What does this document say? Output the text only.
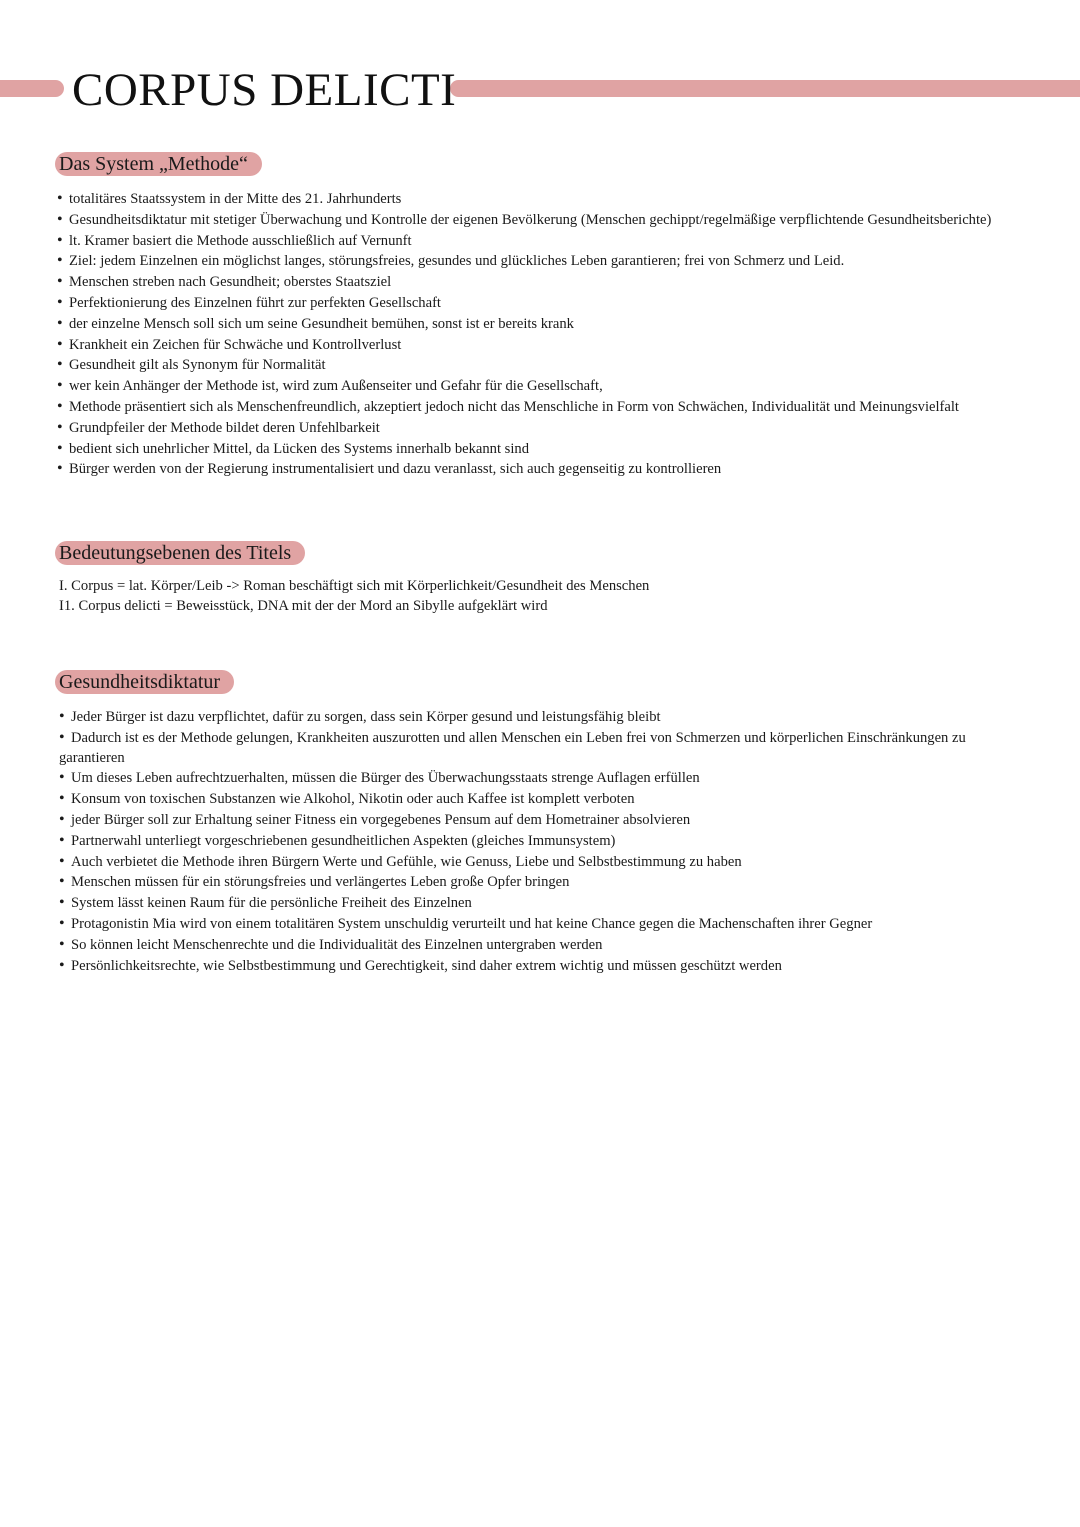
CORPUS DELICTI
Das System „Methode“
• totalitäres Staatssystem in der Mitte des 21. Jahrhunderts
• Gesundheitsdiktatur mit stetiger Überwachung und Kontrolle der eigenen Bevölkerung (Menschen gechippt/regelmäßige verpflichtende Gesundheitsberichte)
• lt. Kramer basiert die Methode ausschließlich auf Vernunft
• Ziel: jedem Einzelnen ein möglichst langes, störungsfreies, gesundes und glückliches Leben garantieren; frei von Schmerz und Leid.
• Menschen streben nach Gesundheit; oberstes Staatsziel
• Perfektionierung des Einzelnen führt zur perfekten Gesellschaft
• der einzelne Mensch soll sich um seine Gesundheit bemühen, sonst ist er bereits krank
• Krankheit ein Zeichen für Schwäche und Kontrollverlust
• Gesundheit gilt als Synonym für Normalität
• wer kein Anhänger der Methode ist, wird zum Außenseiter und Gefahr für die Gesellschaft,
• Methode präsentiert sich als Menschenfreundlich, akzeptiert jedoch nicht das Menschliche in Form von Schwächen, Individualität und Meinungsvielfalt
• Grundpfeiler der Methode bildet deren Unfehlbarkeit
• bedient sich unehrlicher Mittel, da Lücken des Systems innerhalb bekannt sind
• Bürger werden von der Regierung instrumentalisiert und dazu veranlasst, sich auch gegenseitig zu kontrollieren
Bedeutungsebenen des Titels
I. Corpus = lat. Körper/Leib -> Roman beschäftigt sich mit Körperlichkeit/Gesundheit des Menschen
I1. Corpus delicti = Beweisstück, DNA mit der der Mord an Sibylle aufgeklärt wird
Gesundheitsdiktatur
• Jeder Bürger ist dazu verpflichtet, dafür zu sorgen, dass sein Körper gesund und leistungsfähig bleibt
• Dadurch ist es der Methode gelungen, Krankheiten auszurotten und allen Menschen ein Leben frei von Schmerzen und körperlichen Einschränkungen zu garantieren
• Um dieses Leben aufrechtzuerhalten, müssen die Bürger des Überwachungsstaats strenge Auflagen erfüllen
• Konsum von toxischen Substanzen wie Alkohol, Nikotin oder auch Kaffee ist komplett verboten
• jeder Bürger soll zur Erhaltung seiner Fitness ein vorgegebenes Pensum auf dem Hometrainer absolvieren
• Partnerwahl unterliegt vorgeschriebenen gesundheitlichen Aspekten (gleiches Immunsystem)
• Auch verbietet die Methode ihren Bürgern Werte und Gefühle, wie Genuss, Liebe und Selbstbestimmung zu haben
• Menschen müssen für ein störungsfreies und verlängertes Leben große Opfer bringen
• System lässt keinen Raum für die persönliche Freiheit des Einzelnen
• Protagonistin Mia wird von einem totalitären System unschuldig verurteilt und hat keine Chance gegen die Machenschaften ihrer Gegner
• So können leicht Menschenrechte und die Individualität des Einzelnen untergraben werden
• Persönlichkeitsrechte, wie Selbstbestimmung und Gerechtigkeit, sind daher extrem wichtig und müssen geschützt werden
